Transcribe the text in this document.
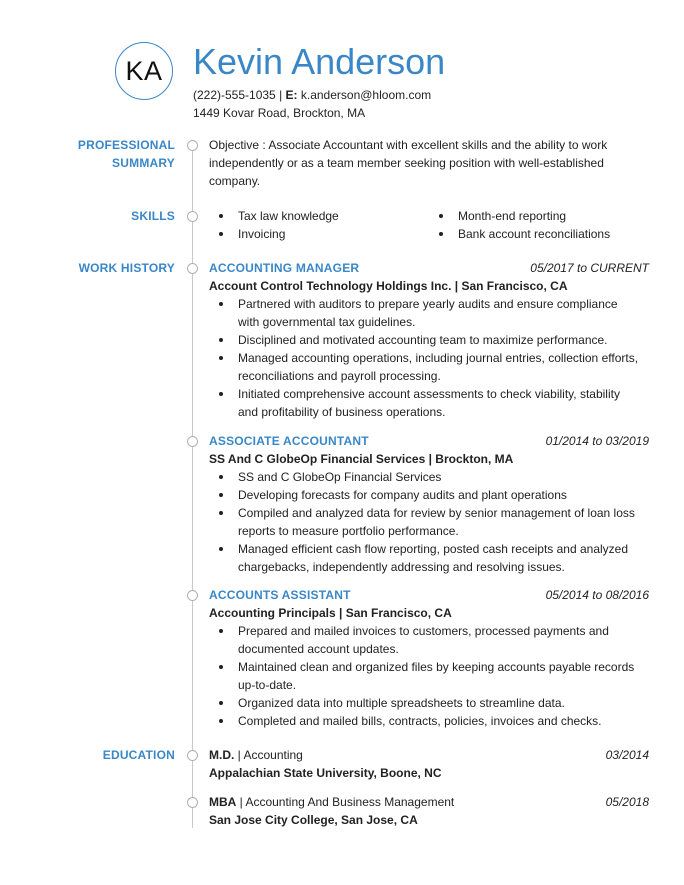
KA Kevin Anderson
(222)-555-1035 | E: k.anderson@hloom.com
1449 Kovar Road, Brockton, MA
PROFESSIONAL
SUMMARY
SKILLS
WORK HISTORY
EDUCATION
Objective : Associate Accountant with excellent skills and the ability to work
independently or as a team member seeking position with well-established
company.
Tax law knowledge	Month-end reporting
Invoicing	Bank account reconciliations
ACCOUNTING MANAGER	05/2017 to CURRENT
Account Control Technology Holdings Inc. | San Francisco, CA
Partnered with auditors to prepare yearly audits and ensure compliance
with governmental tax guidelines.
Disciplined and motivated accounting team to maximize performance.
Managed accounting operations, including journal entries, collection efforts,
reconciliations and payroll processing.
Initiated comprehensive account assessments to check viability, stability
and profitability of business operations.
ASSOCIATE ACCOUNTANT	01/2014 to 03/2019
SS And C GlobeOp Financial Services | Brockton, MA
SS and C GlobeOp Financial Services
Developing forecasts for company audits and plant operations
Compiled and analyzed data for review by senior management of loan loss
reports to measure portfolio performance.
Managed efficient cash flow reporting, posted cash receipts and analyzed
chargebacks, independently addressing and resolving issues.
ACCOUNTS ASSISTANT	05/2014 to 08/2016
Accounting Principals | San Francisco, CA
Prepared and mailed invoices to customers, processed payments and
documented account updates.
Maintained clean and organized files by keeping accounts payable records
up-to-date.
Organized data into multiple spreadsheets to streamline data.
Completed and mailed bills, contracts, policies, invoices and checks.
M.D. | Accounting	03/2014
Appalachian State University, Boone, NC
MBA | Accounting And Business Management	05/2018
San Jose City College, San Jose, CA
